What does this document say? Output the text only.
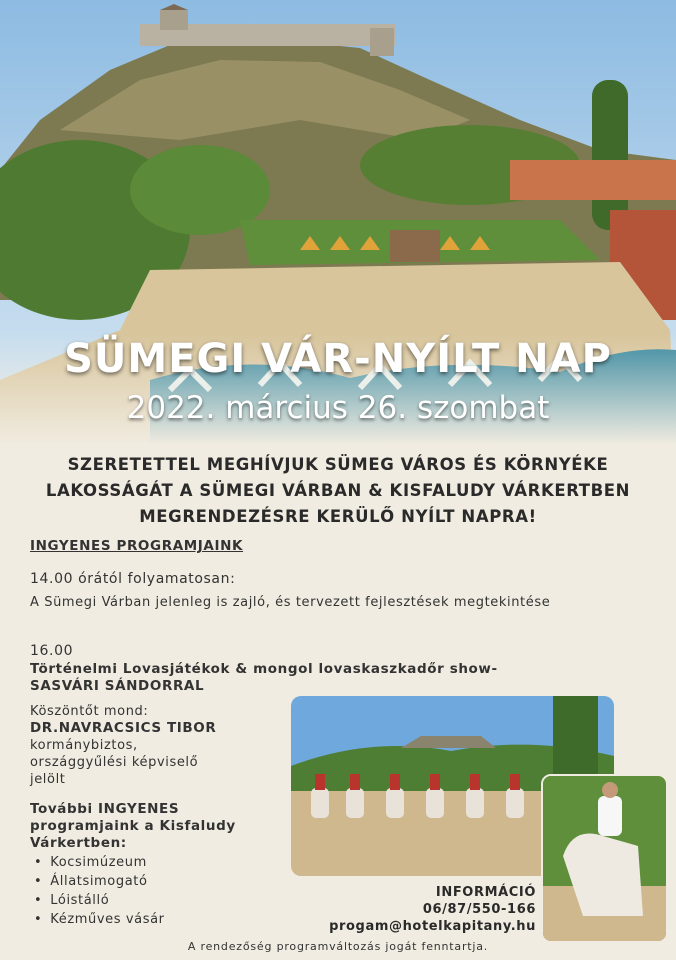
SÜMEGI VÁR-NYÍLT NAP
2022. március 26. szombat
SZERETETTEL MEGHÍVJUK SÜMEG VÁROS ÉS KÖRNYÉKE
LAKOSSÁGÁT A SÜMEGI VÁRBAN & KISFALUDY VÁRKERTBEN
MEGRENDEZÉSRE KERÜLŐ NYÍLT NAPRA!
INGYENES PROGRAMJAINK
14.00 órától folyamatosan:
A Sümegi Várban jelenleg is zajló, és tervezett fejlesztések megtekintése
16.00
Történelmi Lovasjátékok & mongol lovaskaszkadőr show-
SASVÁRI SÁNDORRAL
Köszöntőt mond:
DR.NAVRACSICS TIBOR
kormánybiztos,
országgyűlési képviselő
jelölt
További INGYENES
programjaink a Kisfaludy
Várkertben:
• Kocsimúzeum
• Állatsimogató
• Lóistálló
• Kézműves vásár
INFORMÁCIÓ
06/87/550-166
progam@hotelkapitany.hu
A rendezőség programváltozás jogát fenntartja.
